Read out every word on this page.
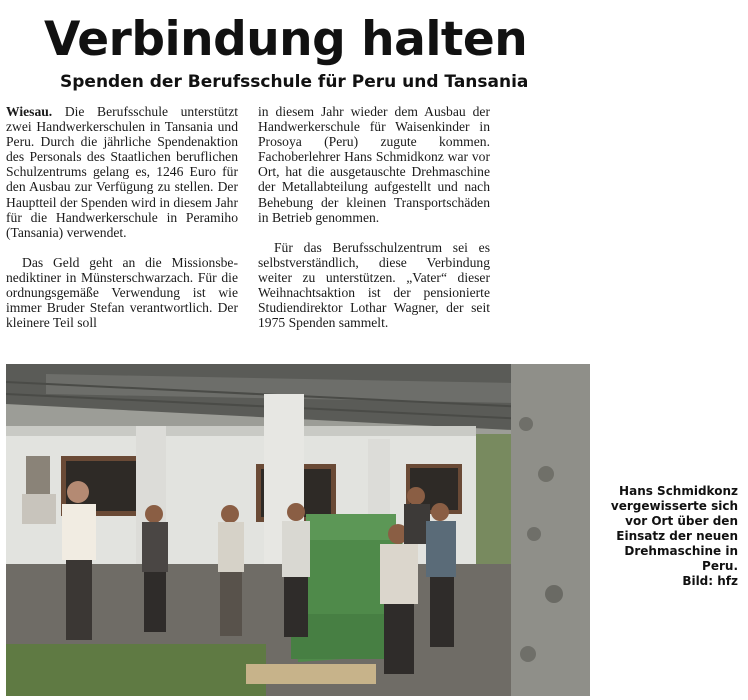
Verbindung halten
Spenden der Berufsschule für Peru und Tansania

Wiesau. Die Berufsschule unterstützt zwei Handwerkerschulen in Tansania und Peru. Durch die jährliche Spendenaktion des Personals des Staatlichen beruflichen Schulzentrums gelang es, 1246 Euro für den Ausbau zur Verfügung zu stellen. Der Hauptteil der Spenden wird in diesem Jahr für die Handwerkerschule in Peramiho (Tansania) verwendet.

Das Geld geht an die Missionsbenediktiner in Münsterschwarzach. Für die ordnungsgemäße Verwendung ist wie immer Bruder Stefan verantwortlich. Der kleinere Teil soll

in diesem Jahr wieder dem Ausbau der Handwerkerschule für Waisenkinder in Prosoya (Peru) zugute kommen. Fachoberlehrer Hans Schmidkonz war vor Ort, hat die ausgetauschte Drehmaschine der Metallabteilung aufgestellt und nach Behebung der kleinen Transportschäden in Betrieb genommen.

Für das Berufsschulzentrum sei es selbstverständlich, diese Verbindung weiter zu unterstützen. „Vater“ dieser Weihnachtsaktion ist der pensionierte Studiendirektor Lothar Wagner, der seit 1975 Spenden sammelt.

Hans Schmidkonz vergewisserte sich vor Ort über den Einsatz der neuen Drehmaschine in Peru.

Bild: hfz
